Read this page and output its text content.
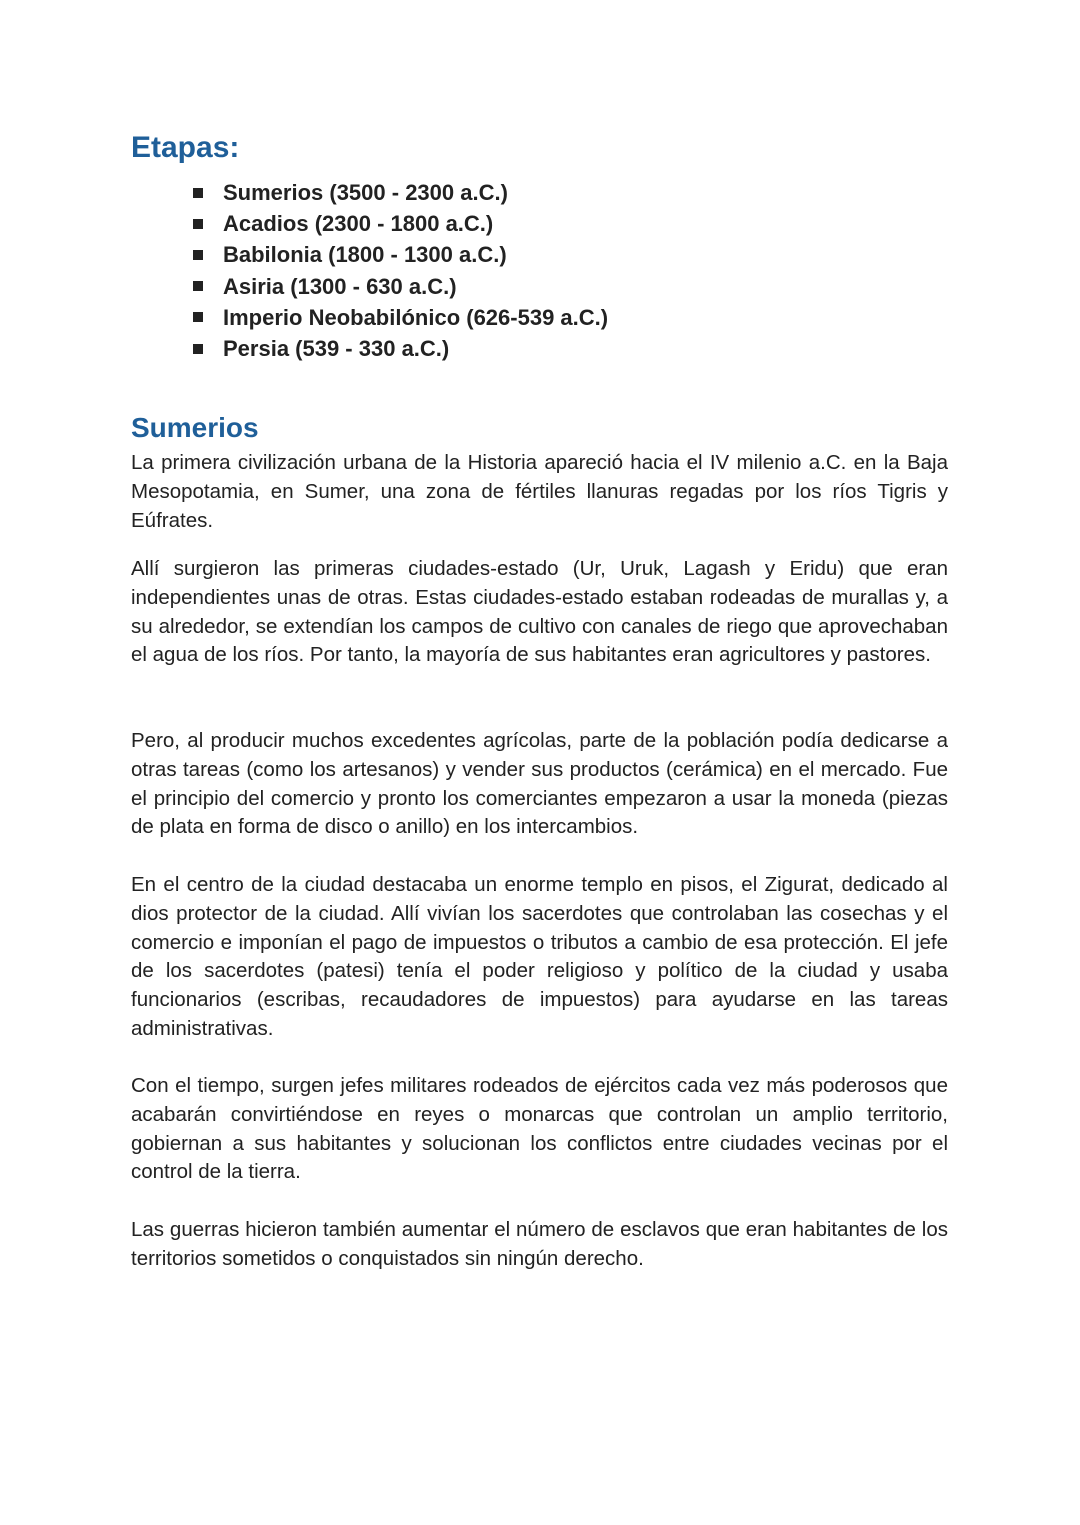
Etapas:
Sumerios (3500 - 2300 a.C.)
Acadios (2300 - 1800 a.C.)
Babilonia (1800 - 1300 a.C.)
Asiria (1300 - 630 a.C.)
Imperio Neobabilónico (626-539 a.C.)
Persia (539 - 330 a.C.)
Sumerios

La primera civilización urbana de la Historia apareció hacia el IV milenio a.C. en la Baja Mesopotamia, en Sumer, una zona de fértiles llanuras regadas por los ríos Tigris y Eúfrates.

Allí surgieron las primeras ciudades-estado (Ur, Uruk, Lagash y Eridu) que eran independientes unas de otras. Estas ciudades-estado estaban rodeadas de murallas y, a su alrededor, se extendían los campos de cultivo con canales de riego que aprovechaban el agua de los ríos. Por tanto, la mayoría de sus habitantes eran agricultores y pastores.

Pero, al producir muchos excedentes agrícolas, parte de la población podía dedicarse a otras tareas (como los artesanos) y vender sus productos (cerámica) en el mercado. Fue el principio del comercio y pronto los comerciantes empezaron a usar la moneda (piezas de plata en forma de disco o anillo) en los intercambios.

En el centro de la ciudad destacaba un enorme templo en pisos, el Zigurat, dedicado al dios protector de la ciudad. Allí vivían los sacerdotes que controlaban las cosechas y el comercio e imponían el pago de impuestos o tributos a cambio de esa protección. El jefe de los sacerdotes (patesi) tenía el poder religioso y político de la ciudad y usaba funcionarios (escribas, recaudadores de impuestos) para ayudarse en las tareas administrativas.

Con el tiempo, surgen jefes militares rodeados de ejércitos cada vez más poderosos que acabarán convirtiéndose en reyes o monarcas que controlan un amplio territorio, gobiernan a sus habitantes y solucionan los conflictos entre ciudades vecinas por el control de la tierra.

Las guerras hicieron también aumentar el número de esclavos que eran habitantes de los territorios sometidos o conquistados sin ningún derecho.
